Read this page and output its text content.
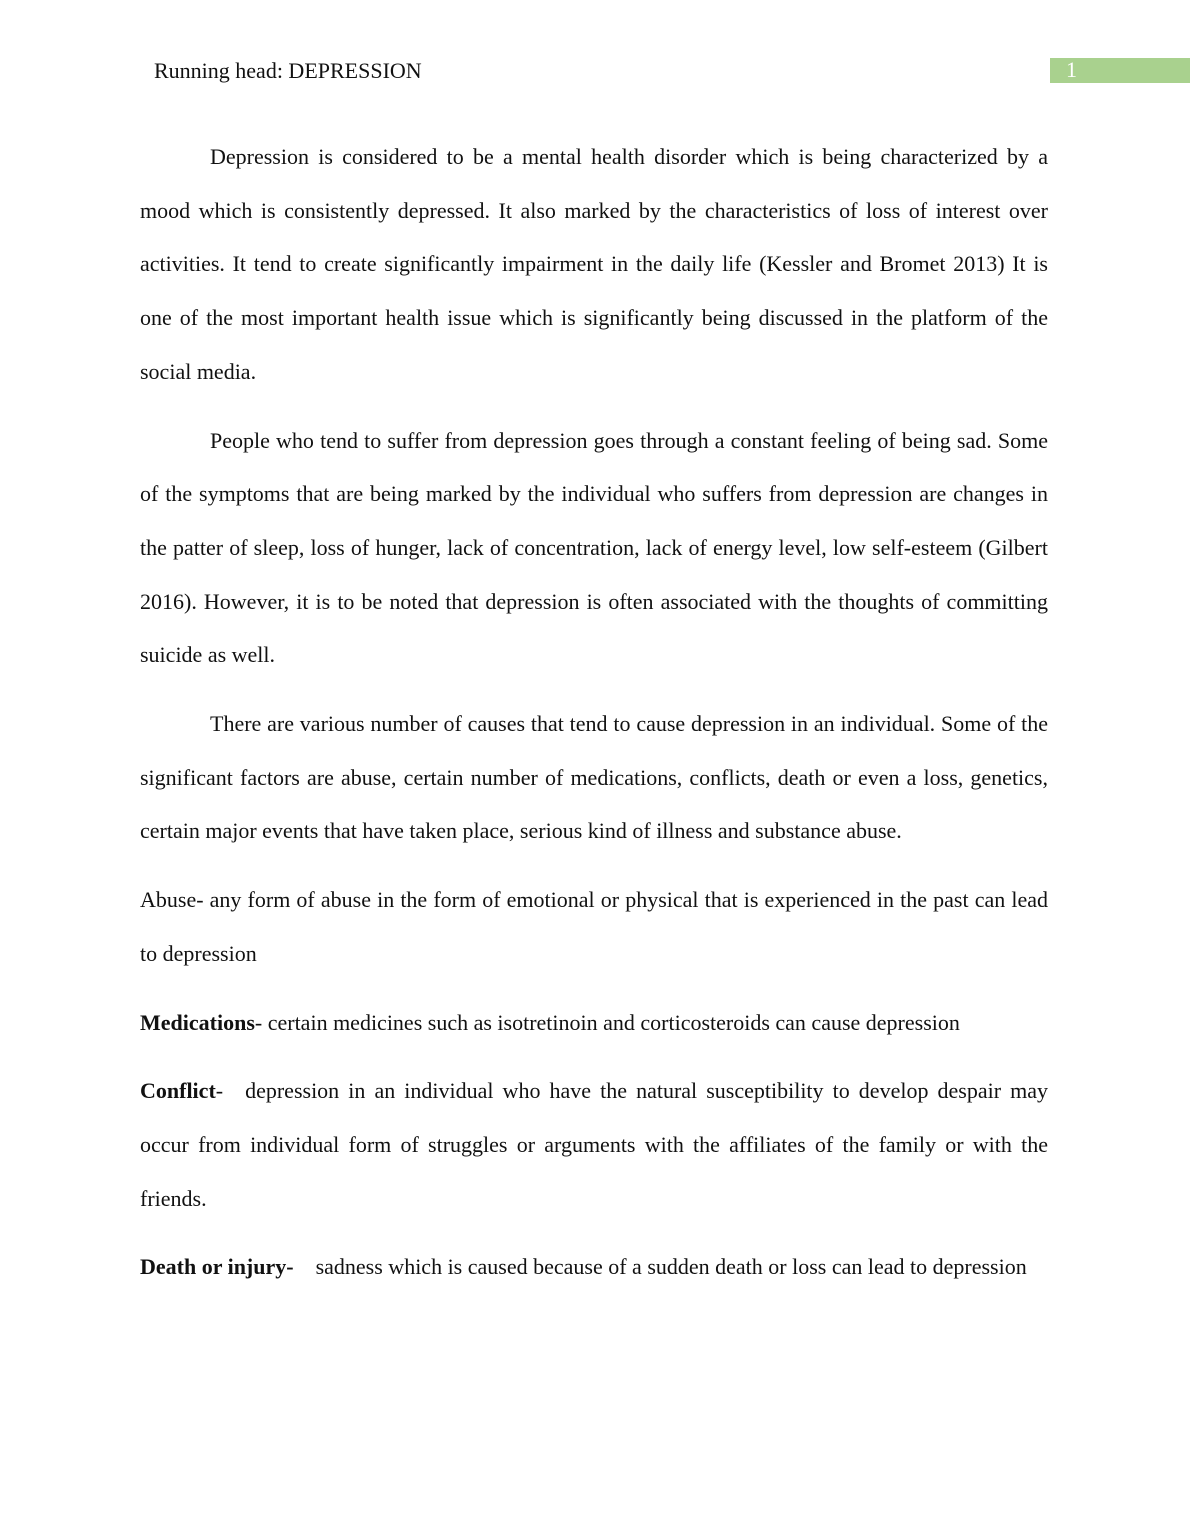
Running head: DEPRESSION	1

Depression is considered to be a mental health disorder which is being characterized by a mood which is consistently depressed. It also marked by the characteristics of loss of interest over activities. It tend to create significantly impairment in the daily life (Kessler and Bromet 2013) It is one of the most important health issue which is significantly being discussed in the platform of the social media.

People who tend to suffer from depression goes through a constant feeling of being sad. Some of the symptoms that are being marked by the individual who suffers from depression are changes in the patter of sleep, loss of hunger, lack of concentration, lack of energy level, low self-esteem (Gilbert 2016). However, it is to be noted that depression is often associated with the thoughts of committing suicide as well.

There are various number of causes that tend to cause depression in an individual. Some of the significant factors are abuse, certain number of medications, conflicts, death or even a loss, genetics, certain major events that have taken place, serious kind of illness and substance abuse.

Abuse- any form of abuse in the form of emotional or physical that is experienced in the past can lead to depression

Medications- certain medicines such as isotretinoin and corticosteroids can cause depression

Conflict- depression in an individual who have the natural susceptibility to develop despair may occur from individual form of struggles or arguments with the affiliates of the family or with the friends.

Death or injury- sadness which is caused because of a sudden death or loss can lead to depression
